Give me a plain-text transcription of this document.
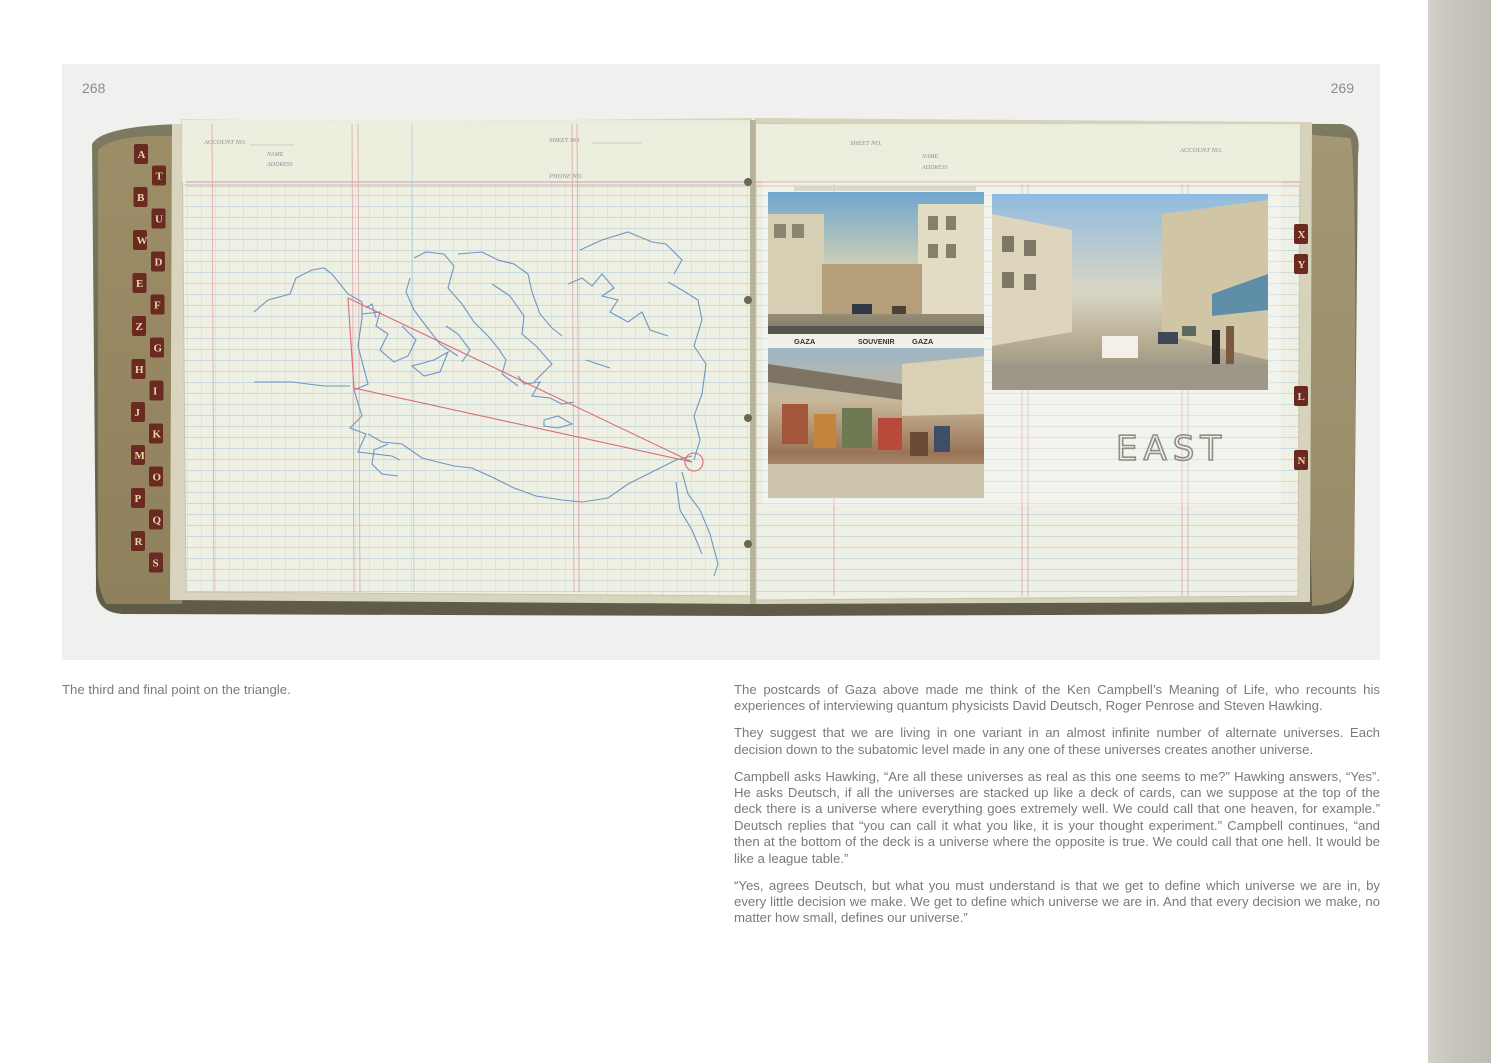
ACCOUNT NO.
NAME
ADDRESS
SHEET NO.
PHONE NO.
SHEET NO.
ACCOUNT NO.
NAME
ADDRESS
GAZA	SOUVENIR GAZA
EAST
A
T
B
U
W
D
E
F
Z
G
H
I
J
K
M
O
P
Q
R
S
X
Y
L
N
268	269
The third and final point on the triangle.	The postcards of Gaza above made me think of the Ken Campbell’s Meaning of Life, who recounts his experiences of interviewing quantum physicists David Deutsch, Roger Penrose and Steven Hawking.

They suggest that we are living in one variant in an almost infinite number of alternate universes. Each decision down to the subatomic level made in any one of these universes creates another universe.

Campbell asks Hawking, “Are all these universes as real as this one seems to me?” Hawking answers, “Yes”. He asks Deutsch, if all the universes are stacked up like a deck of cards, can we suppose at the top of the deck there is a universe where everything goes extremely well. We could call that one heaven, for example.” Deutsch replies that “you can call it what you like, it is your thought experiment.” Campbell continues, “and then at the bottom of the deck is a universe where the opposite is true. We could call that one hell. It would be like a league table.”

“Yes, agrees Deutsch, but what you must understand is that we get to define which universe we are in, by every little decision we make. We get to define which universe we are in. And that every decision we make, no matter how small, defines our universe.”
